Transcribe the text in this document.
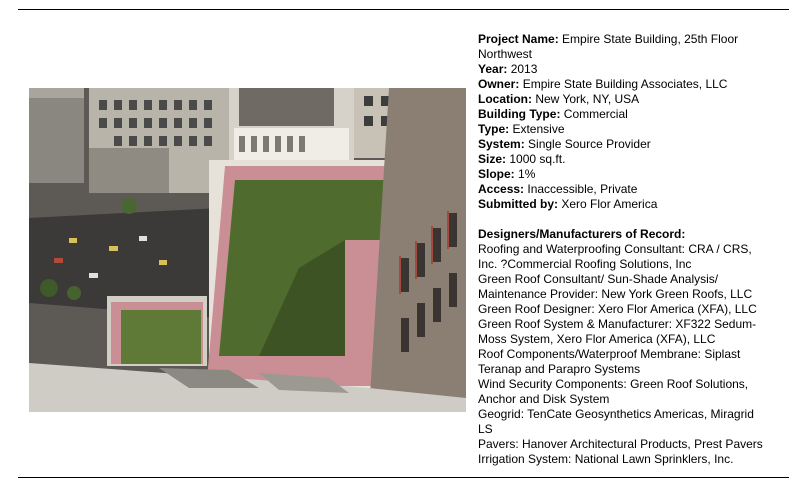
Project Name: Empire State Building, 25th Floor
Northwest
Year: 2013
Owner: Empire State Building Associates, LLC
Location: New York, NY, USA
Building Type: Commercial
Type: Extensive
System: Single Source Provider
Size: 1000 sq.ft.
Slope: 1%
Access: Inaccessible, Private
Submitted by: Xero Flor America
Designers/Manufacturers of Record:
Roofing and Waterproofing Consultant: CRA / CRS,
Inc. ?Commercial Roofing Solutions, Inc
Green Roof Consultant/ Sun-Shade Analysis/
Maintenance Provider: New York Green Roofs, LLC
Green Roof Designer: Xero Flor America (XFA), LLC
Green Roof System & Manufacturer: XF322 Sedum-
Moss System, Xero Flor America (XFA), LLC
Roof Components/Waterproof Membrane: Siplast
Teranap and Parapro Systems
Wind Security Components: Green Roof Solutions,
Anchor and Disk System
Geogrid: TenCate Geosynthetics Americas, Miragrid
LS
Pavers: Hanover Architectural Products, Prest Pavers
Irrigation System: National Lawn Sprinklers, Inc.
